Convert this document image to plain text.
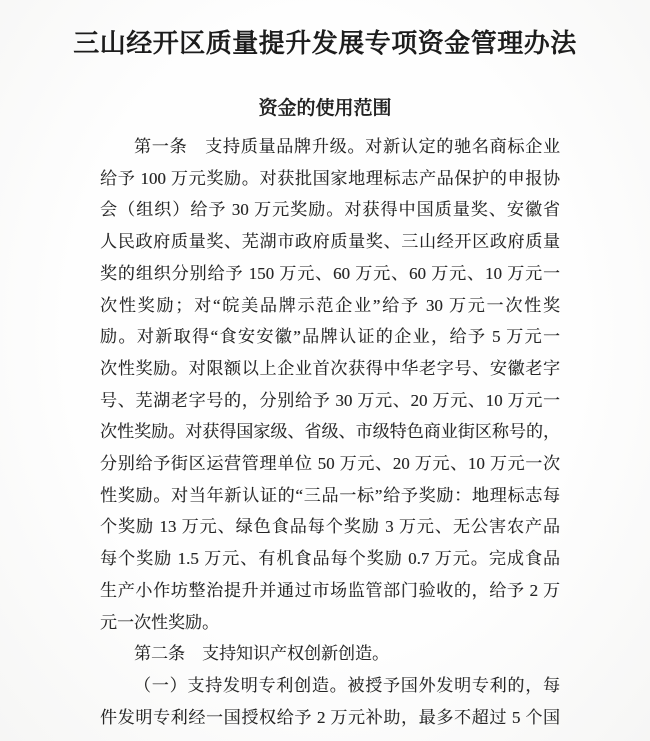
三山经开区质量提升发展专项资金管理办法
资金的使用范围
第一条　支持质量品牌升级。对新认定的驰名商标企业
给予 100 万元奖励。对获批国家地理标志产品保护的申报协
会（组织）给予 30 万元奖励。对获得中国质量奖、安徽省
人民政府质量奖、芜湖市政府质量奖、三山经开区政府质量
奖的组织分别给予 150 万元、60 万元、60 万元、10 万元一
次性奖励；对“皖美品牌示范企业”给予 30 万元一次性奖
励。对新取得“食安安徽”品牌认证的企业，给予 5 万元一
次性奖励。对限额以上企业首次获得中华老字号、安徽老字
号、芜湖老字号的，分别给予 30 万元、20 万元、10 万元一
次性奖励。对获得国家级、省级、市级特色商业街区称号的，
分别给予街区运营管理单位 50 万元、20 万元、10 万元一次
性奖励。对当年新认证的“三品一标”给予奖励：地理标志每
个奖励 13 万元、绿色食品每个奖励 3 万元、无公害农产品
每个奖励 1.5 万元、有机食品每个奖励 0.7 万元。完成食品
生产小作坊整治提升并通过市场监管部门验收的，给予 2 万
元一次性奖励。
第二条　支持知识产权创新创造。
（一）支持发明专利创造。被授予国外发明专利的，每
件发明专利经一国授权给予 2 万元补助，最多不超过 5 个国
